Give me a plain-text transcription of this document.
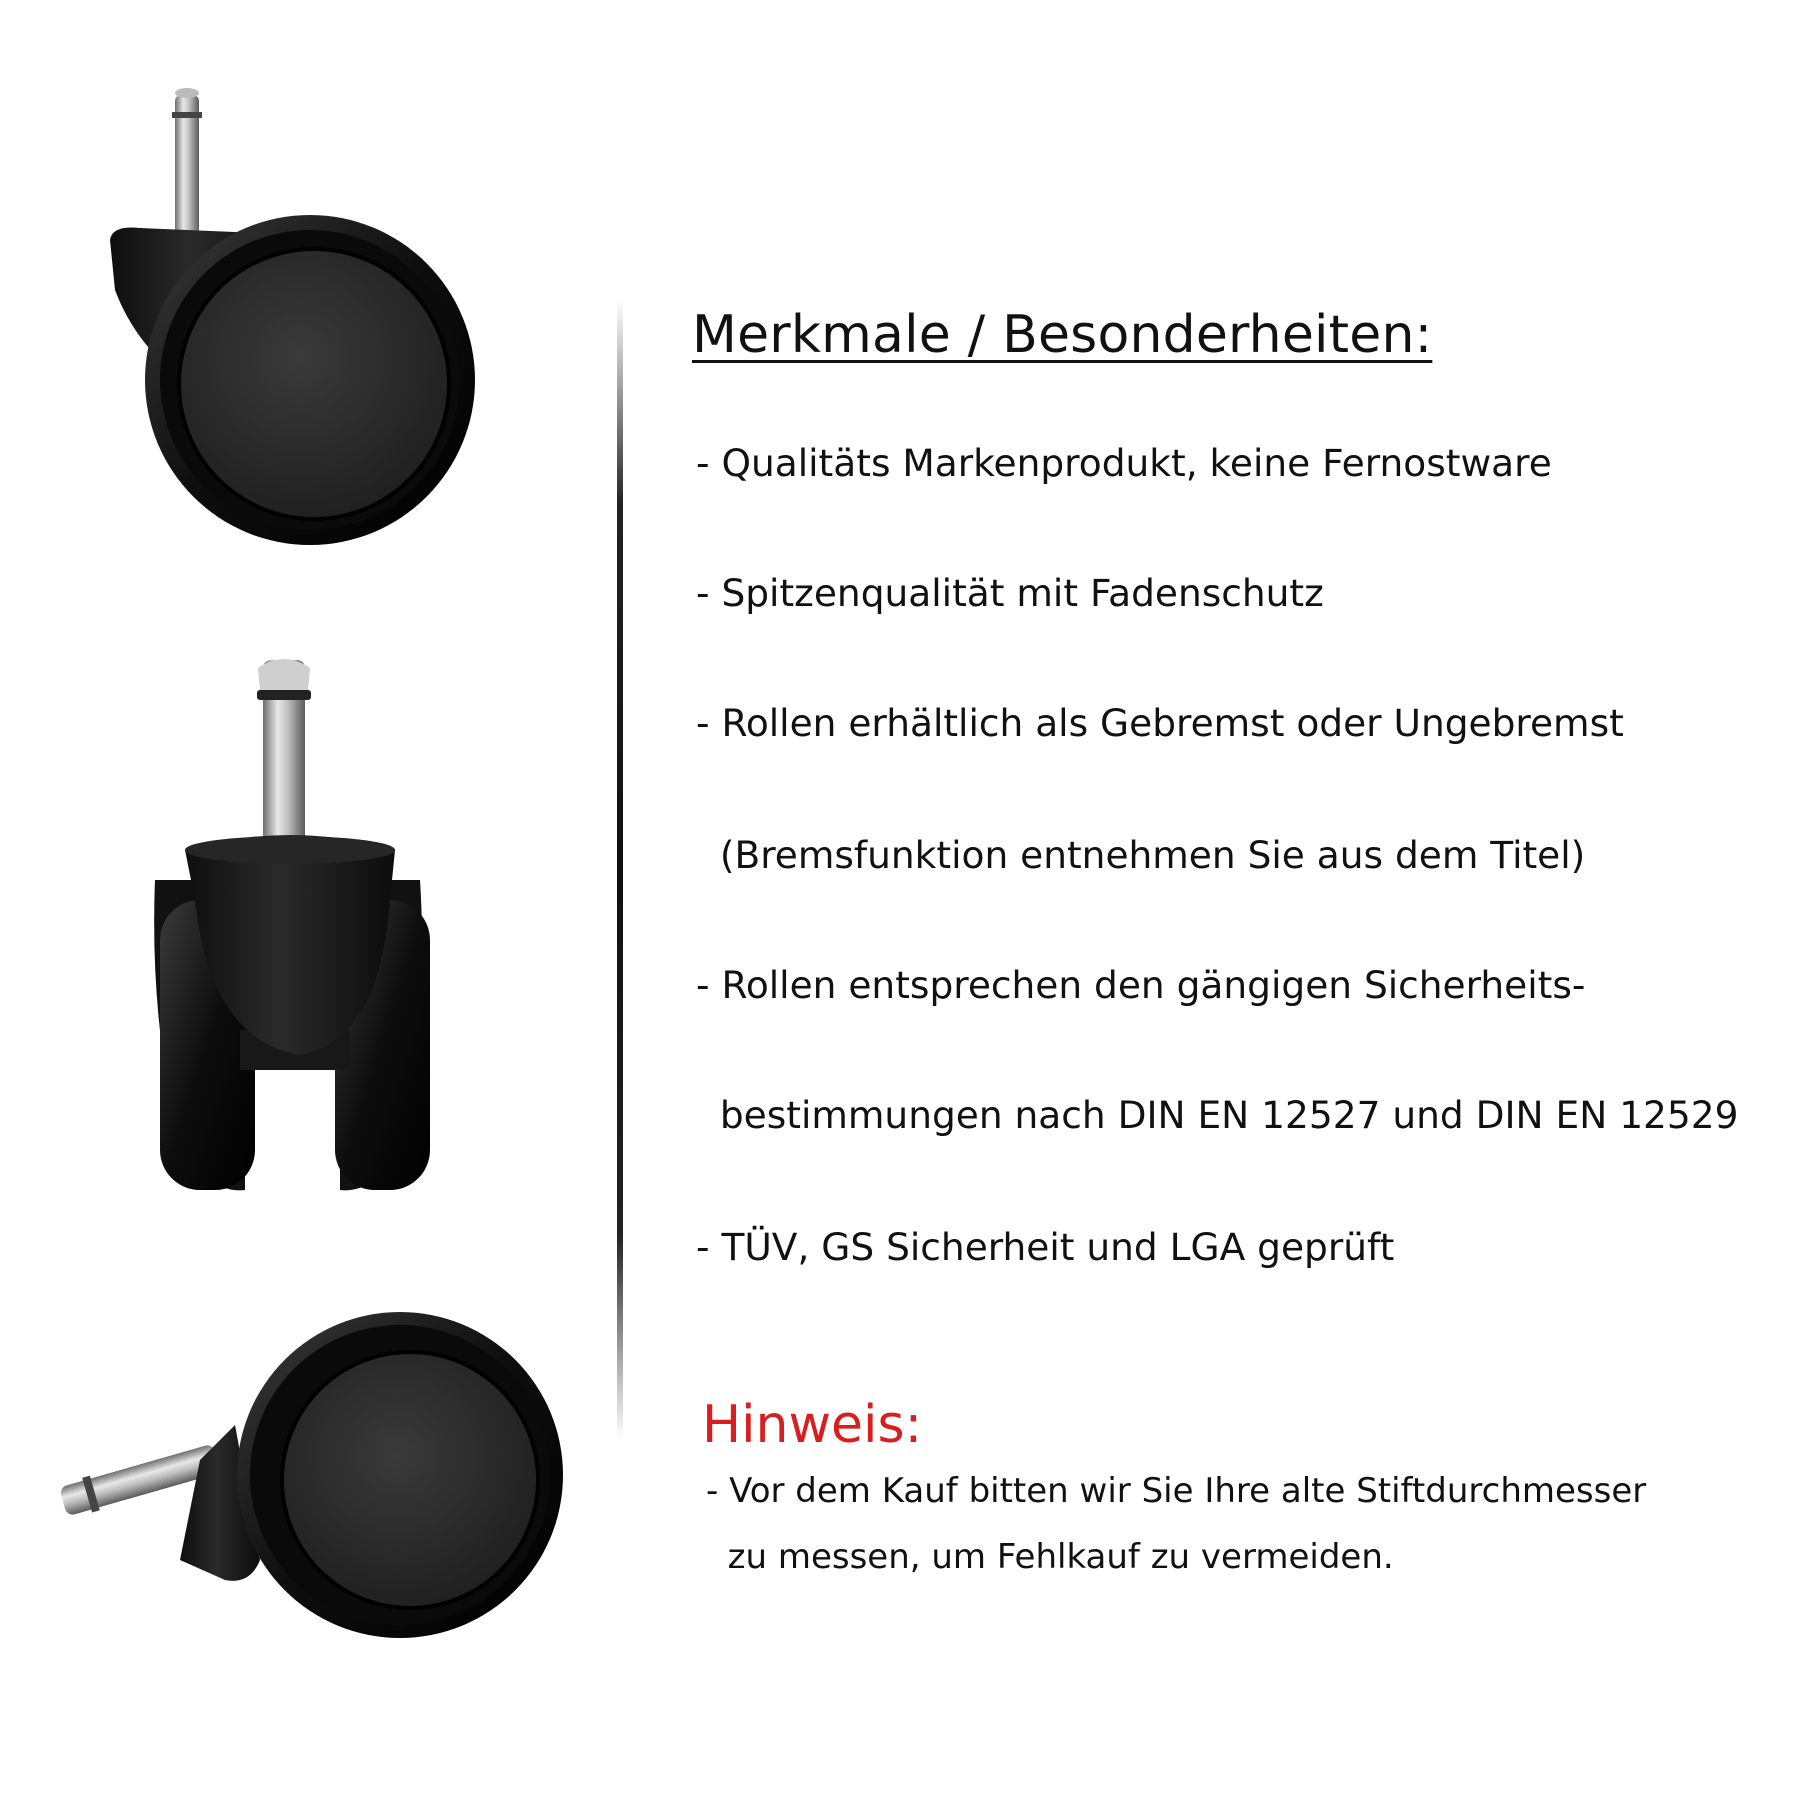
Merkmale / Besonderheiten:
- Qualitäts Markenprodukt, keine Fernostware
- Spitzenqualität mit Fadenschutz
- Rollen erhältlich als Gebremst oder Ungebremst
(Bremsfunktion entnehmen Sie aus dem Titel)
- Rollen entsprechen den gängigen Sicherheits-
bestimmungen nach DIN EN 12527 und DIN EN 12529
- TÜV, GS Sicherheit und LGA geprüft
Hinweis:
- Vor dem Kauf bitten wir Sie Ihre alte Stiftdurchmesser
zu messen, um Fehlkauf zu vermeiden.
